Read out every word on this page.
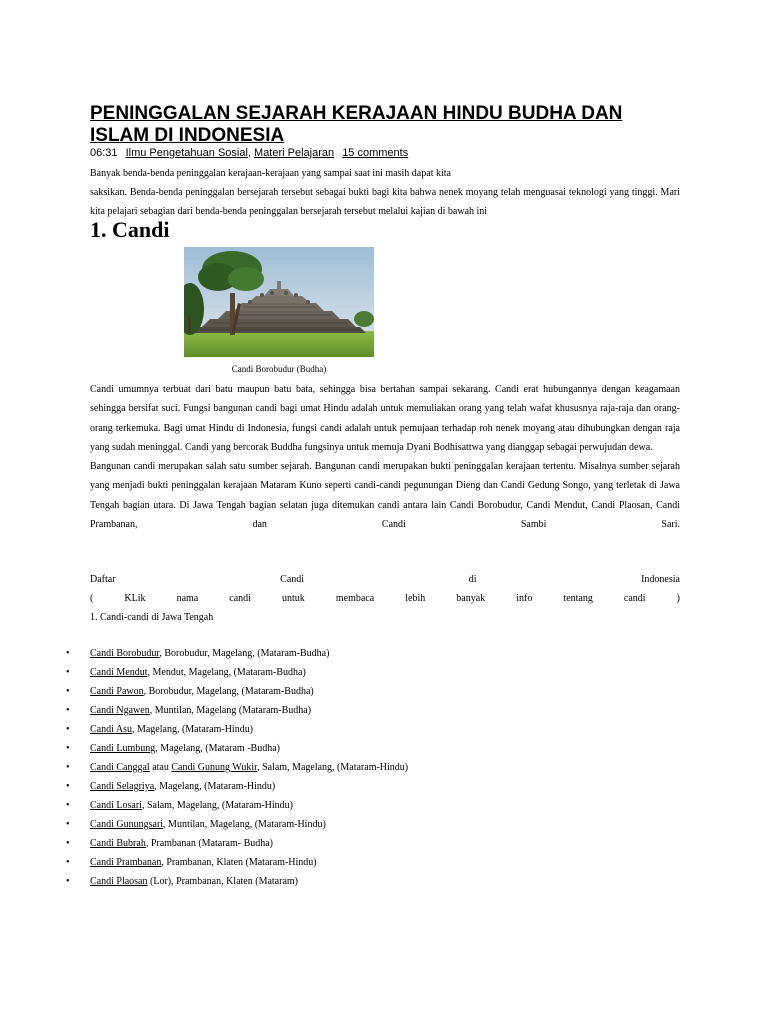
PENINGGALAN SEJARAH KERAJAAN HINDU BUDHA DAN ISLAM DI INDONESIA
06:31 Ilmu Pengetahuan Sosial, Materi Pelajaran 15 comments

Banyak benda-benda peninggalan kerajaan-kerajaan yang sampai saat ini masih dapat kita

saksikan. Benda-benda peninggalan bersejarah tersebut sebagai bukti bagi kita bahwa nenek moyang telah menguasai teknologi yang tinggi. Mari kita pelajari sebagian dari benda-benda peninggalan bersejarah tersebut melalui kajian di bawah ini

1. Candi
Candi Borobudur (Budha)

Candi umumnya terbuat dari batu maupun batu bata, sehingga bisa bertahan sampai sekarang. Candi erat hubungannya dengan keagamaan sehingga bersifat suci. Fungsi bangunan candi bagi umat Hindu adalah untuk memuliakan orang yang telah wafat khususnya raja-raja dan orang-orang terkemuka. Bagi umat Hindu di Indonesia, fungsi candi adalah untuk pemujaan terhadap roh nenek moyang atau dihubungkan dengan raja yang sudah meninggal. Candi yang bercorak Buddha fungsinya untuk memuja Dyani Bodhisattwa yang dianggap sebagai perwujudan dewa.

Bangunan candi merupakan salah satu sumber sejarah. Bangunan candi merupakan bukti peninggalan kerajaan tertentu. Misalnya sumber sejarah yang menjadi bukti peninggalan kerajaan Mataram Kuno seperti candi-candi pegunungan Dieng dan Candi Gedung Songo, yang terletak di Jawa Tengah bagian utara. Di Jawa Tengah bagian selatan juga ditemukan candi antara lain Candi Borobudur, Candi Mendut, Candi Plaosan, Candi Prambanan, dan Candi Sambi Sari.

Daftar	Candi	di	Indonesia
(	KLik	nama	candi	untuk	membaca	lebih	banyak	info	tentang	candi	)
1. Candi-candi di Jawa Tengah
• Candi Borobudur, Borobudur, Magelang, (Mataram-Budha)
• Candi Mendut, Mendut, Magelang, (Mataram-Budha)
• Candi Pawon, Borobudur, Magelang, (Mataram-Budha)
• Candi Ngawen, Muntilan, Magelang (Mataram-Budha)
• Candi Asu, Magelang, (Mataram-Hindu)
• Candi Lumbung, Magelang, (Mataram -Budha)
• Candi Canggal atau Candi Gunung Wukir, Salam, Magelang, (Mataram-Hindu)
• Candi Selagriya, Magelang, (Mataram-Hindu)
• Candi Losari, Salam, Magelang, (Mataram-Hindu)
• Candi Gunungsari, Muntilan, Magelang, (Mataram-Hindu)
• Candi Bubrah, Prambanan (Mataram- Budha)
• Candi Prambanan, Prambanan, Klaten (Mataram-Hindu)
• Candi Plaosan (Lor), Prambanan, Klaten (Mataram)
